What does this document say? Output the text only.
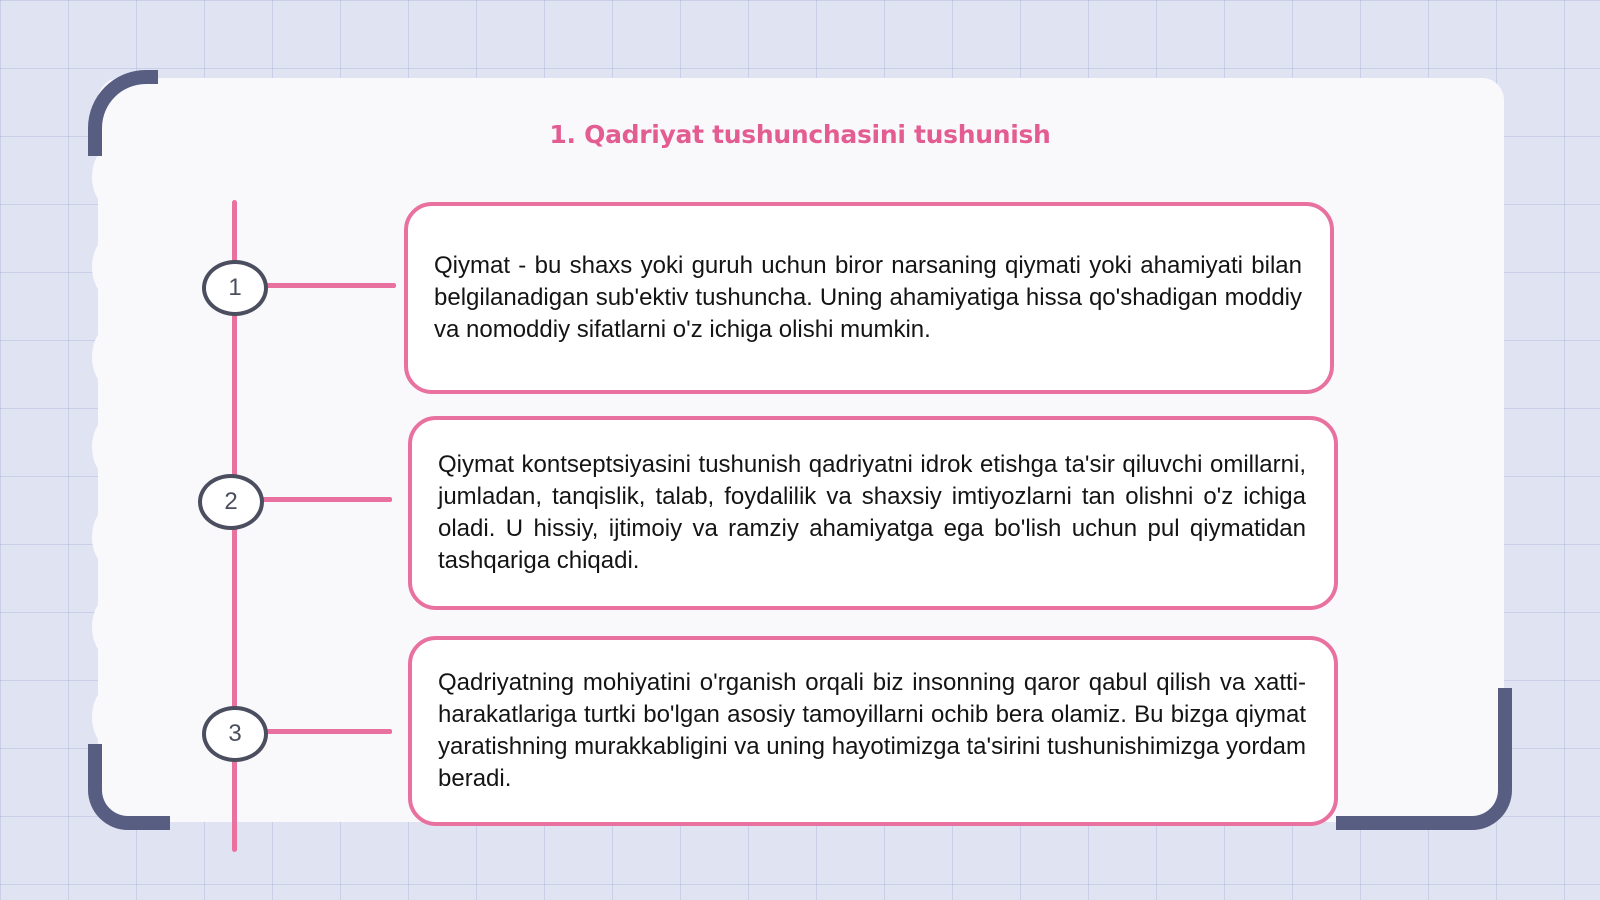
1. Qadriyat tushunchasini tushunish
1

Qiymat - bu shaxs yoki guruh uchun biror narsaning qiymati yoki ahamiyati bilan belgilanadigan sub'ektiv tushuncha. Uning ahamiyatiga hissa qo'shadigan moddiy va nomoddiy sifatlarni o'z ichiga olishi mumkin.

2

Qiymat kontseptsiyasini tushunish qadriyatni idrok etishga ta'sir qiluvchi omillarni, jumladan, tanqislik, talab, foydalilik va shaxsiy imtiyozlarni tan olishni o'z ichiga oladi. U hissiy, ijtimoiy va ramziy ahamiyatga ega bo'lish uchun pul qiymatidan tashqariga chiqadi.

3

Qadriyatning mohiyatini o'rganish orqali biz insonning qaror qabul qilish va xatti-harakatlariga turtki bo'lgan asosiy tamoyillarni ochib bera olamiz. Bu bizga qiymat yaratishning murakkabligini va uning hayotimizga ta'sirini tushunishimizga yordam beradi.
